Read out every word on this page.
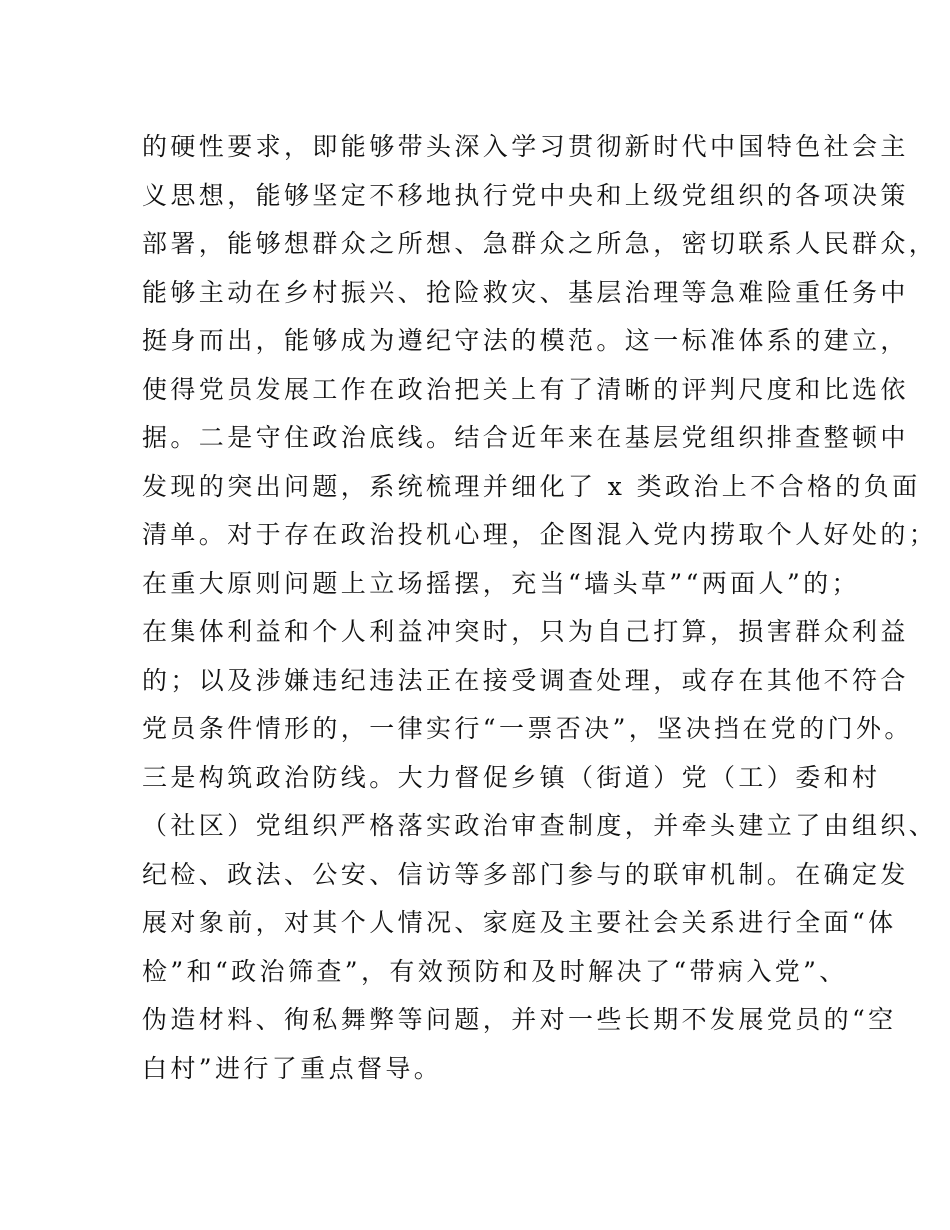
的硬性要求，即能够带头深入学习贯彻新时代中国特色社会主
义思想，能够坚定不移地执行党中央和上级党组织的各项决策
部署，能够想群众之所想、急群众之所急，密切联系人民群众，
能够主动在乡村振兴、抢险救灾、基层治理等急难险重任务中
挺身而出，能够成为遵纪守法的模范。这一标准体系的建立，
使得党员发展工作在政治把关上有了清晰的评判尺度和比选依
据。二是守住政治底线。结合近年来在基层党组织排查整顿中
发现的突出问题，系统梳理并细化了 x 类政治上不合格的负面
清单。对于存在政治投机心理，企图混入党内捞取个人好处的；
在重大原则问题上立场摇摆，充当“墙头草”“两面人”的；
在集体利益和个人利益冲突时，只为自己打算，损害群众利益
的；以及涉嫌违纪违法正在接受调查处理，或存在其他不符合
党员条件情形的，一律实行“一票否决”，坚决挡在党的门外。
三是构筑政治防线。大力督促乡镇（街道）党（工）委和村
（社区）党组织严格落实政治审查制度，并牵头建立了由组织、
纪检、政法、公安、信访等多部门参与的联审机制。在确定发
展对象前，对其个人情况、家庭及主要社会关系进行全面“体
检”和“政治筛查”，有效预防和及时解决了“带病入党”、
伪造材料、徇私舞弊等问题，并对一些长期不发展党员的“空
白村”进行了重点督导。
